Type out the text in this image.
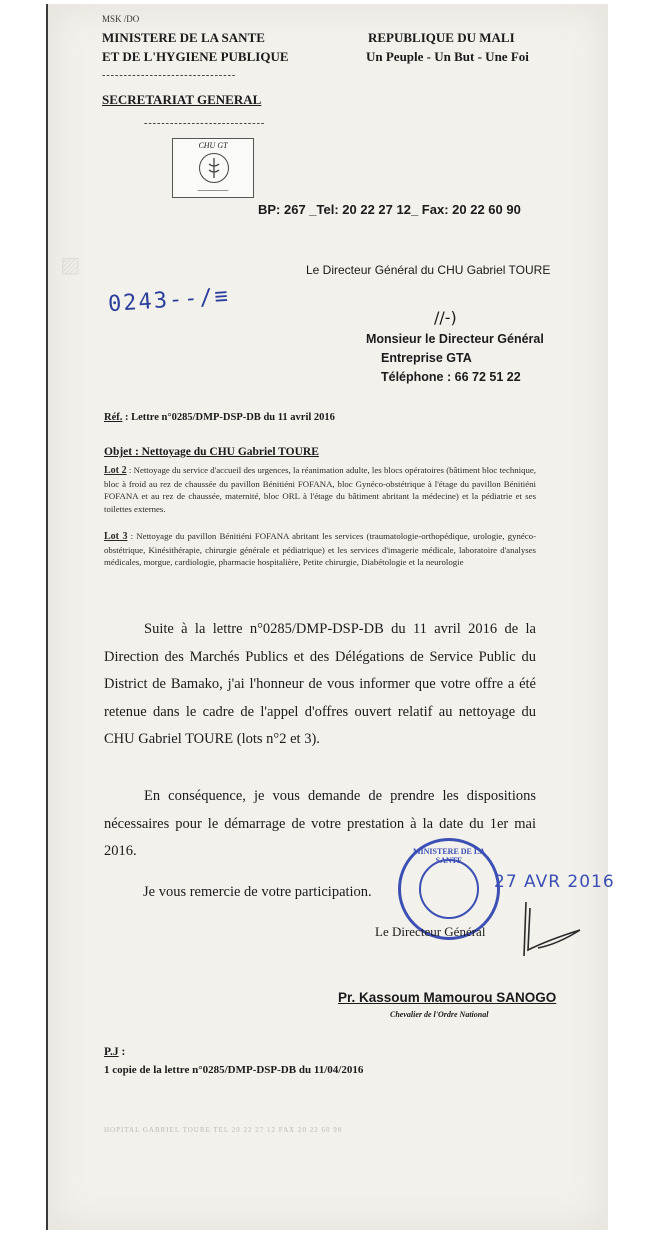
▨
MSK /DO
MINISTERE DE LA SANTE
ET DE L'HYGIENE PUBLIQUE
-------------------------------
SECRETARIAT GENERAL
----------------------------
REPUBLIQUE DU MALI
Un Peuple - Un But - Une Foi
CHU GT
▔▔▔▔▔▔▔▔▔▔
BP: 267 _Tel: 20 22 27 12_ Fax: 20 22 60 90
Le Directeur Général du CHU Gabriel TOURE
0243--/≡
//-)
Monsieur le Directeur Général
Entreprise GTA
Téléphone : 66 72 51 22
Réf. : Lettre n°0285/DMP-DSP-DB du 11 avril 2016
Objet : Nettoyage du CHU Gabriel TOURE
Lot 2 : Nettoyage du service d'accueil des urgences, la réanimation adulte, les blocs opératoires (bâtiment bloc technique, bloc à froid au rez de chaussée du pavillon Bénitiéni FOFANA, bloc Gynéco-obstétrique à l'étage du pavillon Bénitiéni FOFANA et au rez de chaussée, maternité, bloc ORL à l'étage du bâtiment abritant la médecine) et la pédiatrie et ses toilettes externes.
Lot 3 : Nettoyage du pavillon Bénitiéni FOFANA abritant les services (traumatologie-orthopédique, urologie, gynéco-obstétrique, Kinésithérapie, chirurgie générale et pédiatrique) et les services d'imagerie médicale, laboratoire d'analyses médicales, morgue, cardiologie, pharmacie hospitalière, Petite chirurgie, Diabétologie et la neurologie
Suite à la lettre n°0285/DMP-DSP-DB du 11 avril 2016 de la Direction des Marchés Publics et des Délégations de Service Public du District de Bamako, j'ai l'honneur de vous informer que votre offre a été retenue dans le cadre de l'appel d'offres ouvert relatif au nettoyage du CHU Gabriel TOURE (lots n°2 et 3).
En conséquence, je vous demande de prendre les dispositions nécessaires pour le démarrage de votre prestation à la date du 1er mai 2016.
Je vous remercie de votre participation.
MINISTERE DE LA SANTE
27 AVR 2016
Le Directeur Général
Pr. Kassoum Mamourou SANOGO
Chevalier de l'Ordre National
P.J :
1 copie de la lettre n°0285/DMP-DSP-DB du 11/04/2016
HOPITAL GABRIEL TOURE TEL 20 22 27 12 FAX 20 22 60 90
